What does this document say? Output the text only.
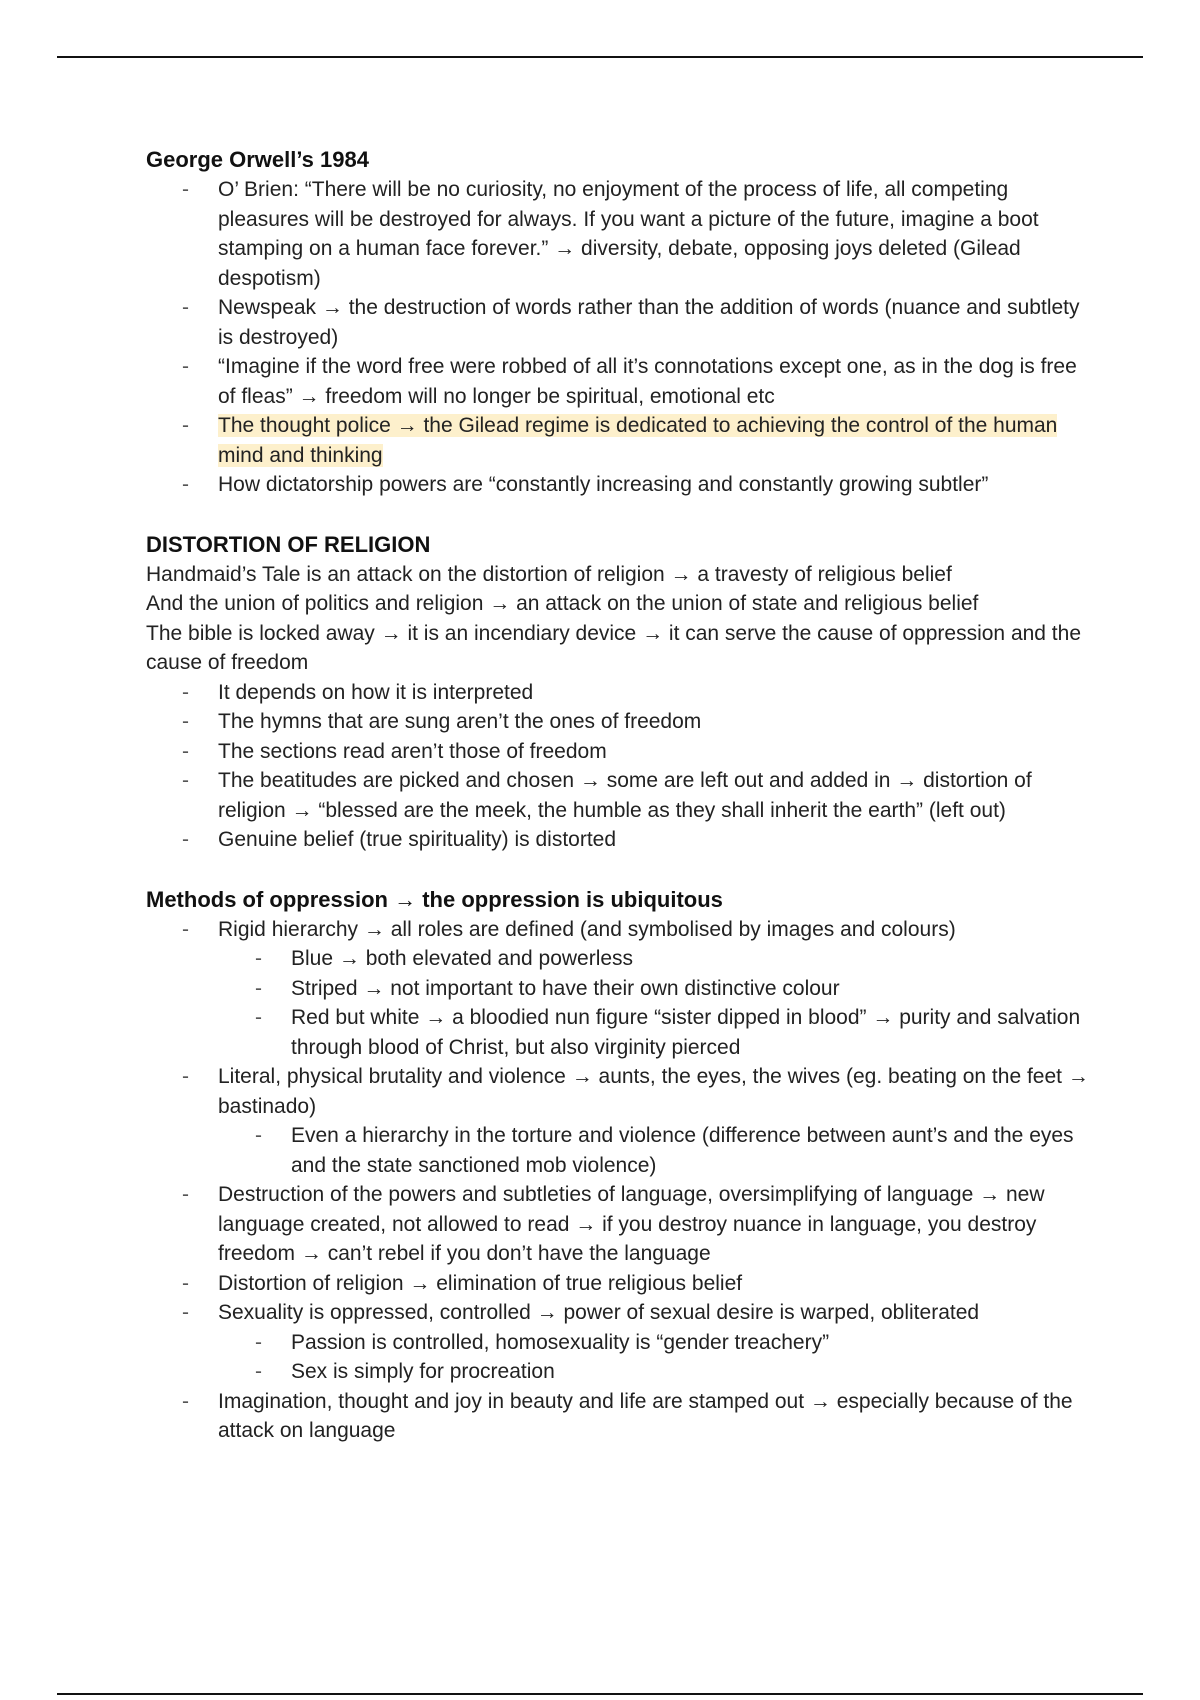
George Orwell’s 1984
- O’ Brien: “There will be no curiosity, no enjoyment of the process of life, all competing pleasures will be destroyed for always. If you want a picture of the future, imagine a boot stamping on a human face forever.” → diversity, debate, opposing joys deleted (Gilead despotism)
- Newspeak → the destruction of words rather than the addition of words (nuance and subtlety is destroyed)
- “Imagine if the word free were robbed of all it’s connotations except one, as in the dog is free of fleas” → freedom will no longer be spiritual, emotional etc
- The thought police → the Gilead regime is dedicated to achieving the control of the human mind and thinking
- How dictatorship powers are “constantly increasing and constantly growing subtler”
DISTORTION OF RELIGION

Handmaid’s Tale is an attack on the distortion of religion → a travesty of religious belief

And the union of politics and religion → an attack on the union of state and religious belief

The bible is locked away → it is an incendiary device → it can serve the cause of oppression and the cause of freedom

- It depends on how it is interpreted
- The hymns that are sung aren’t the ones of freedom
- The sections read aren’t those of freedom
- The beatitudes are picked and chosen → some are left out and added in → distortion of religion → “blessed are the meek, the humble as they shall inherit the earth” (left out)
- Genuine belief (true spirituality) is distorted
Methods of oppression → the oppression is ubiquitous
- Rigid hierarchy → all roles are defined (and symbolised by images and colours)
- Blue → both elevated and powerless
- Striped → not important to have their own distinctive colour
- Red but white → a bloodied nun figure “sister dipped in blood” → purity and salvation through blood of Christ, but also virginity pierced
- Literal, physical brutality and violence → aunts, the eyes, the wives (eg. beating on the feet → bastinado)
- Even a hierarchy in the torture and violence (difference between aunt’s and the eyes and the state sanctioned mob violence)
- Destruction of the powers and subtleties of language, oversimplifying of language → new language created, not allowed to read → if you destroy nuance in language, you destroy freedom → can’t rebel if you don’t have the language
- Distortion of religion → elimination of true religious belief
- Sexuality is oppressed, controlled → power of sexual desire is warped, obliterated
- Passion is controlled, homosexuality is “gender treachery”
- Sex is simply for procreation
- Imagination, thought and joy in beauty and life are stamped out → especially because of the attack on language
